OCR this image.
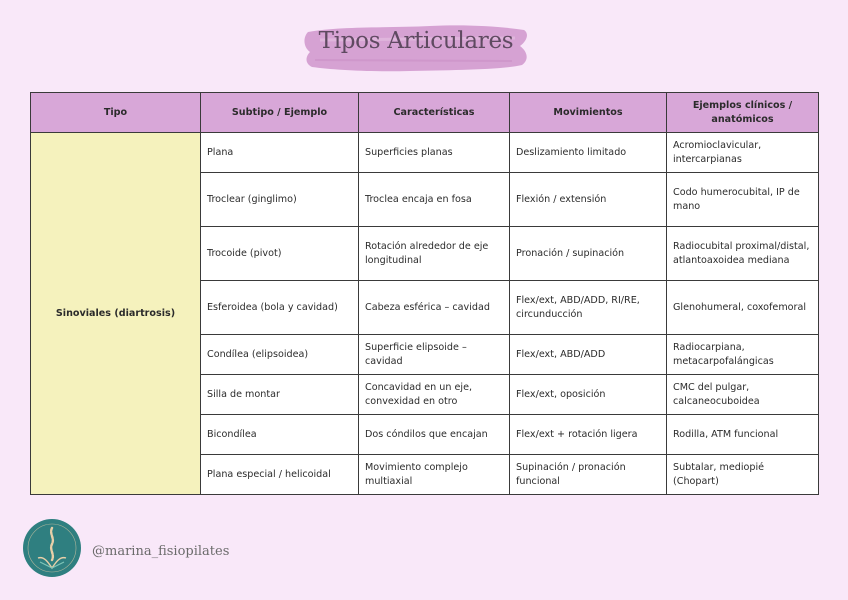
Tipos Articulares
Tipo	Subtipo / Ejemplo	Características	Movimientos	Ejemplos clínicos / anatómicos
Sinoviales (diartrosis)	Plana	Superficies planas	Deslizamiento limitado	Acromioclavicular, intercarpianas
	Troclear (ginglimo)	Troclea encaja en fosa	Flexión / extensión	Codo humerocubital, IP de mano
	Trocoide (pivot)	Rotación alrededor de eje longitudinal	Pronación / supinación	Radiocubital proximal/distal, atlantoaxoidea mediana
	Esferoidea (bola y cavidad)	Cabeza esférica – cavidad	Flex/ext, ABD/ADD, RI/RE, circunducción	Glenohumeral, coxofemoral
	Condílea (elipsoidea)	Superficie elipsoide – cavidad	Flex/ext, ABD/ADD	Radiocarpiana, metacarpofalángicas
	Silla de montar	Concavidad en un eje, convexidad en otro	Flex/ext, oposición	CMC del pulgar, calcaneocuboidea
	Bicondílea	Dos cóndilos que encajan	Flex/ext + rotación ligera	Rodilla, ATM funcional
	Plana especial / helicoidal	Movimiento complejo multiaxial	Supinación / pronación funcional	Subtalar, mediopié (Chopart)
@marina_fisiopilates
